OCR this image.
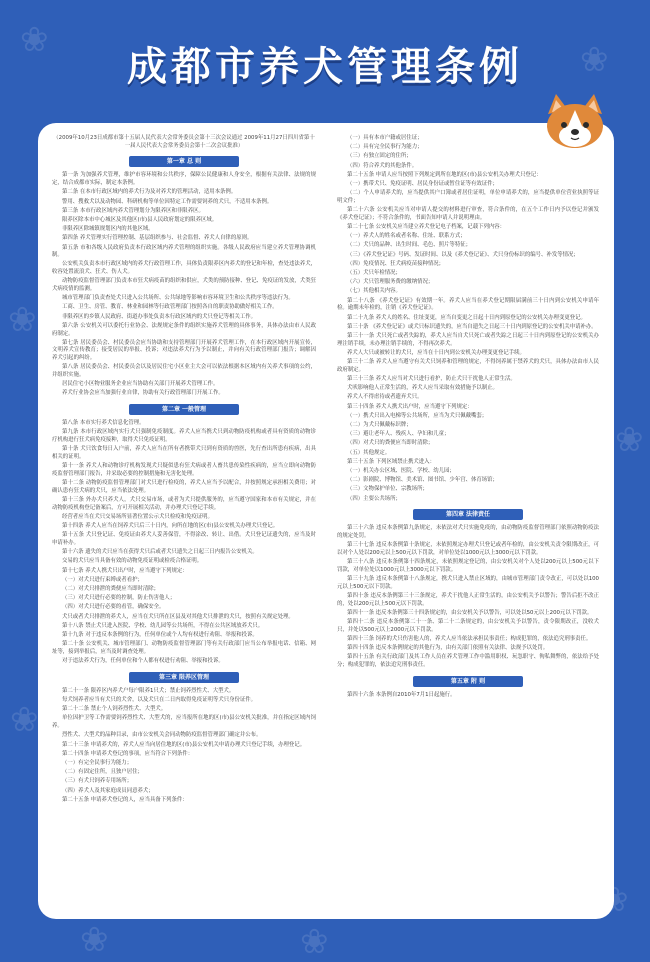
❀	❀
❀
❀
❀
❀
❀	❀
成都市养犬管理条例
（2009年10月23日成都市第十五届人民代表大会常务委员会第十三次会议通过 2009年11月27日四川省第十一届人民代表大会常务委员会第十二次会议批准）
第一章 总 则

第一条 为加强养犬管理，维护市容环境和公共秩序，保障公民健康和人身安全，根据有关法律、法规的规定，结合成都市实际，制定本条例。

第二条 在本市行政区域内的养犬行为及对养犬的管理活动，适用本条例。

警用、搜救犬以及动物园、科研机构等单位因特定工作需要饲养的犬只，不适用本条例。

第三条 本市行政区域内养犬管理划分为限养区和非限养区。

限养区除本市中心城区及其他区(市)县人民政府划定的限养区域。

非限养区除城镇规划区内的其他区域。

第四条 养犬管理实行管理控制、基层组织参与、社会监督、养犬人自律的原则。

第五条 市和各级人民政府负责本行政区域内养犬管理的组织实施。各级人民政府应当建立养犬管理协调机制。

公安机关负责本市行政区域内的养犬行政管理工作，具体负责限养区内养犬的登记和年检，查处违法养犬，收容处置流浪犬、狂犬、伤人犬。

动物防疫监督管理部门负责本市狂犬病疫苗的组织和供应，犬类的预防接种、登记、免疫证的发放，犬类狂犬病疫情的监测。

城市管理部门负责查处犬只进入公共场所、公共绿地等影响市容环境卫生和公共秩序等违法行为。

工商、卫生、房管、教育、林业和园林等行政管理部门按照各自的职责协助做好相关工作。

非限养区的乡镇人民政府、街道办事处负责本行政区域内的犬只登记等相关工作。

第六条 公安机关可以委托行业协会、法规规定条件的组织实施养犬管理的具体事务，具体办法由市人民政府制定。

第七条 居民委员会、村民委员会应当协助和支持管理部门开展养犬管理工作，在本行政区域内开展宣传，文明养犬宣传教育；接受居民的举报、投诉；对违法养犬行为予以制止，并向有关行政管理部门报告；调解因养犬引起的纠纷。

第八条 居民委员会、村民委员会以及居民住宅小区业主大会可以依法根据本区域内有关养犬事项的公约，并组织实施。

居民住宅小区物业服务企业应当协助有关部门开展养犬管理工作。

养犬行业协会应当加强行业自律，协助有关行政管理部门开展工作。

第二章 一般管理

第八条 本市实行养犬信息化管理。

第九条 本市行政区域内实行犬只强制免疫制度。养犬人应当携犬只到动物防疫机构或者具有资质的动物诊疗机构进行狂犬病免疫接种，取得犬只免疫证明。

第十条 犬只饮食每日入户前，养犬人应当在所有者携带犬只到有资质的兽医，先行查出所患有疾病，出具相关的证明。

第十一条 养犬人和动物诊疗机构发现犬只疑似患有狂犬病或者人畜共患传染性疾病的，应当立即向动物防疫监督管理部门报告，并采取必要的控制措施和无害化处理。

第十二条 动物防疫监督管理部门对犬只进行检疫的，养犬人应当予以配合，并按照规定承担相关费用；对确认患有狂犬病的犬只，应当依法处理。

第十三条 外办犬只养犬人，犬只交易市场，或者为犬只提供服务的，应当遵守国家和本市有关规定，并在动物防疫机构登记备案后，方可开展相关活动，并办理犬只登记手续。

经营者应当在犬只交易场所显著位置公示犬只检疫和免疫证明。

第十四条 养犬人应当在饲养犬只后三十日内，向所在地的区(市)县公安机关办理犬只登记。

第十五条 犬只登记证、免疫证由养犬人妥善保管，不得涂改、转让、出借。犬只登记证遗失的，应当及时申请补办。

第十六条 遗失的犬只应当在获得犬只后或者犬只遗失之日起三日内报告公安机关。

交易的犬只应当具备有效的动物免疫证明或检疫合格证明。

第十七条 养犬人携犬只出户时，应当遵守下列规定：

（一）对犬只进行束缚或者看护；

（二）对犬只排泄的粪便应当即时清除；

（三）对犬只进行必要的控制，防止伤害他人；

（四）对犬只进行必要的看管，确保安全。

犬只或者犬只排泄的养犬人，应当在犬只所在区县及对其他犬只排泄的犬只，按照有关规定处理。

第十八条 禁止犬只进入医院、学校、幼儿园等公共场所，不得在公共区域放养犬只。

第十九条 对于违反本条例的行为，任何单位或个人均有权进行劝阻、举报和投诉。

第二十条 公安机关、城市管理部门、动物防疫监督管理部门等有关行政部门应当公布举报电话、信箱、网址等，接到举报后，应当及时调查处理。

对于违法养犬行为，任何单位和个人都有权进行劝阻、举报和投诉。

第三章 限养区管理

第二十一条 限养区内养犬户每户限养1只犬；禁止饲养烈性犬、大型犬。

每犬饲养者应当有犬只的犬舍，以及犬只在二日内取得免疫证明等犬只身份证件。

第二十二条 禁止个人饲养烈性犬、大型犬。

单位因护卫等工作需要饲养烈性犬、大型犬的，应当报所在地的区(市)县公安机关批准，并在指定区域内饲养。

烈性犬、大型犬的品种目录，由市公安机关会同动物防疫监督管理部门确定并公布。

第二十三条 申请养犬的，养犬人应当向居住地的区(市)县公安机关申请办理犬只登记手续，办理登记。

第二十四条 申请养犬登记的事项，应当符合下列条件：

（一）有完全民事行为能力；

（二）有固定住所，且独户居住；

（三）有犬只饲养专用场所；

（四）养犬人及其家庭成员同意养犬；

第二十五条 申请养犬登记的人，应当具备下列条件：

（一）具有本市户籍或居住证；

（二）具有完全民事行为能力；

（三）有独立固定的住所；

（四）符合养犬的其他条件。

第二十五条 申请人应当按照下列规定到所在地的区(市)县公安机关办理犬只登记：

（一）携带犬只、免疫证明、居民身份证或暂住证等有效证件；

（二）个人申请养犬的，应当提供其户口簿或者居住证明，单位申请养犬的，应当提供单位营业执照等证明文件；

第二十六条 公安机关应当对申请人提交的材料进行审查，符合条件的，在五个工作日内予以登记并颁发《养犬登记证》；不符合条件的，书面告知申请人并说明理由。

第二十七条 公安机关应当建立养犬登记电子档案，记载下列内容：

（一）养犬人的姓名或者名称、住址、联系方式；

（二）犬只的品种、出生时间、毛色、照片等特征；

（三）《养犬登记证》号码、发证时间、以及《养犬登记证》、犬只身份标识的编号、补发等情况；

（四）免疫情况、狂犬病疫苗接种情况；

（五）犬只年检情况；

（六）犬只管理服务费的缴纳情况；

（七）其他相关内容。

第二十八条 《养犬登记证》有效期一年。养犬人应当在养犬登记期限届满前三十日内到公安机关申请年检。逾期未年检的，注销《养犬登记证》。

第二十九条 养犬人的姓名、住址变更，应当自变更之日起十日内到原登记的公安机关办理变更登记。

第三十条 《养犬登记证》或犬只标识遗失的，应当自遗失之日起三十日内到原登记的公安机关申请补办。

第三十一条 犬只死亡或者失踪的，养犬人应当自犬只死亡或者失踪之日起三十日内到原登记的公安机关办理注销手续，未办理注销手续的，不得再次养犬。

养犬人大只或被转让的犬只，应当在十日内到公安机关办理变更登记手续。

第三十二条 养犬人应当遵守有关犬只饲养和管理的规定，不得饲养属于禁养犬的犬只，具体办法由市人民政府制定。

第三十三条 养犬人应当对犬只进行看护，防止犬只干扰他人正常生活。

犬吠影响他人正常生活的，养犬人应当采取有效措施予以制止。

养犬人不得虐待或者遗弃犬只。

第三十四条 养犬人携犬出户时，应当遵守下列规定：

（一）携犬只出入电梯等公共场所，应当为犬只佩戴嘴套；

（二）为犬只佩戴标识牌；

（三）避让老年人、残疾人、孕妇和儿童；

（四）对犬只的粪便应当即时清除；

（五）其他规定。

第三十五条 下列区域禁止携犬进入：

（一）机关办公区域、医院、学校、幼儿园；

（二）影剧院、博物馆、美术馆、图书馆、少年宫、体育场馆；

（三）文物保护单位、宗教场所；

（四）主要公共场所；

第四章 法律责任

第三十六条 违反本条例第九条规定，未依法对犬只实施免疫的，由动物防疫监督管理部门依照动物防疫法的规定处罚。

第三十七条 违反本条例第十条规定，未依照规定办理犬只登记或者年检的，由公安机关责令限期改正，可以对个人处以200元以上500元以下罚款，对单位处以1000元以上3000元以下罚款。

第三十八条 违反本条例第十四条规定，未依照规定登记的，由公安机关对个人处以200元以上500元以下罚款，对单位处以1000元以上3000元以下罚款。

第三十九条 违反本条例第十八条规定，携犬只进入禁止区域的，由城市管理部门责令改正，可以处以100元以上500元以下罚款。

第四十条 违反本条例第三十三条规定，养犬干扰他人正常生活的，由公安机关予以警告；警告后拒不改正的，处以200元以上500元以下罚款。

第四十一条 违反本条例第三十四条规定的，由公安机关予以警告，可以处以50元以上200元以下罚款。

第四十二条 违反本条例第二十一条、第二十二条规定的，由公安机关予以警告，责令限期改正，没收犬只，并处以500元以上2000元以下罚款。

第四十三条 饲养的犬只伤害他人的，养犬人应当依法承担民事责任；构成犯罪的，依法追究刑事责任。

第四十四条 违反本条例规定的其他行为，由有关部门依照有关法律、法规予以处罚。

第四十五条 有关行政部门及其工作人员在养犬管理工作中滥用职权、玩忽职守、徇私舞弊的，依法给予处分；构成犯罪的，依法追究刑事责任。

第五章 附 则

第四十六条 本条例自2010年7月1日起施行。
